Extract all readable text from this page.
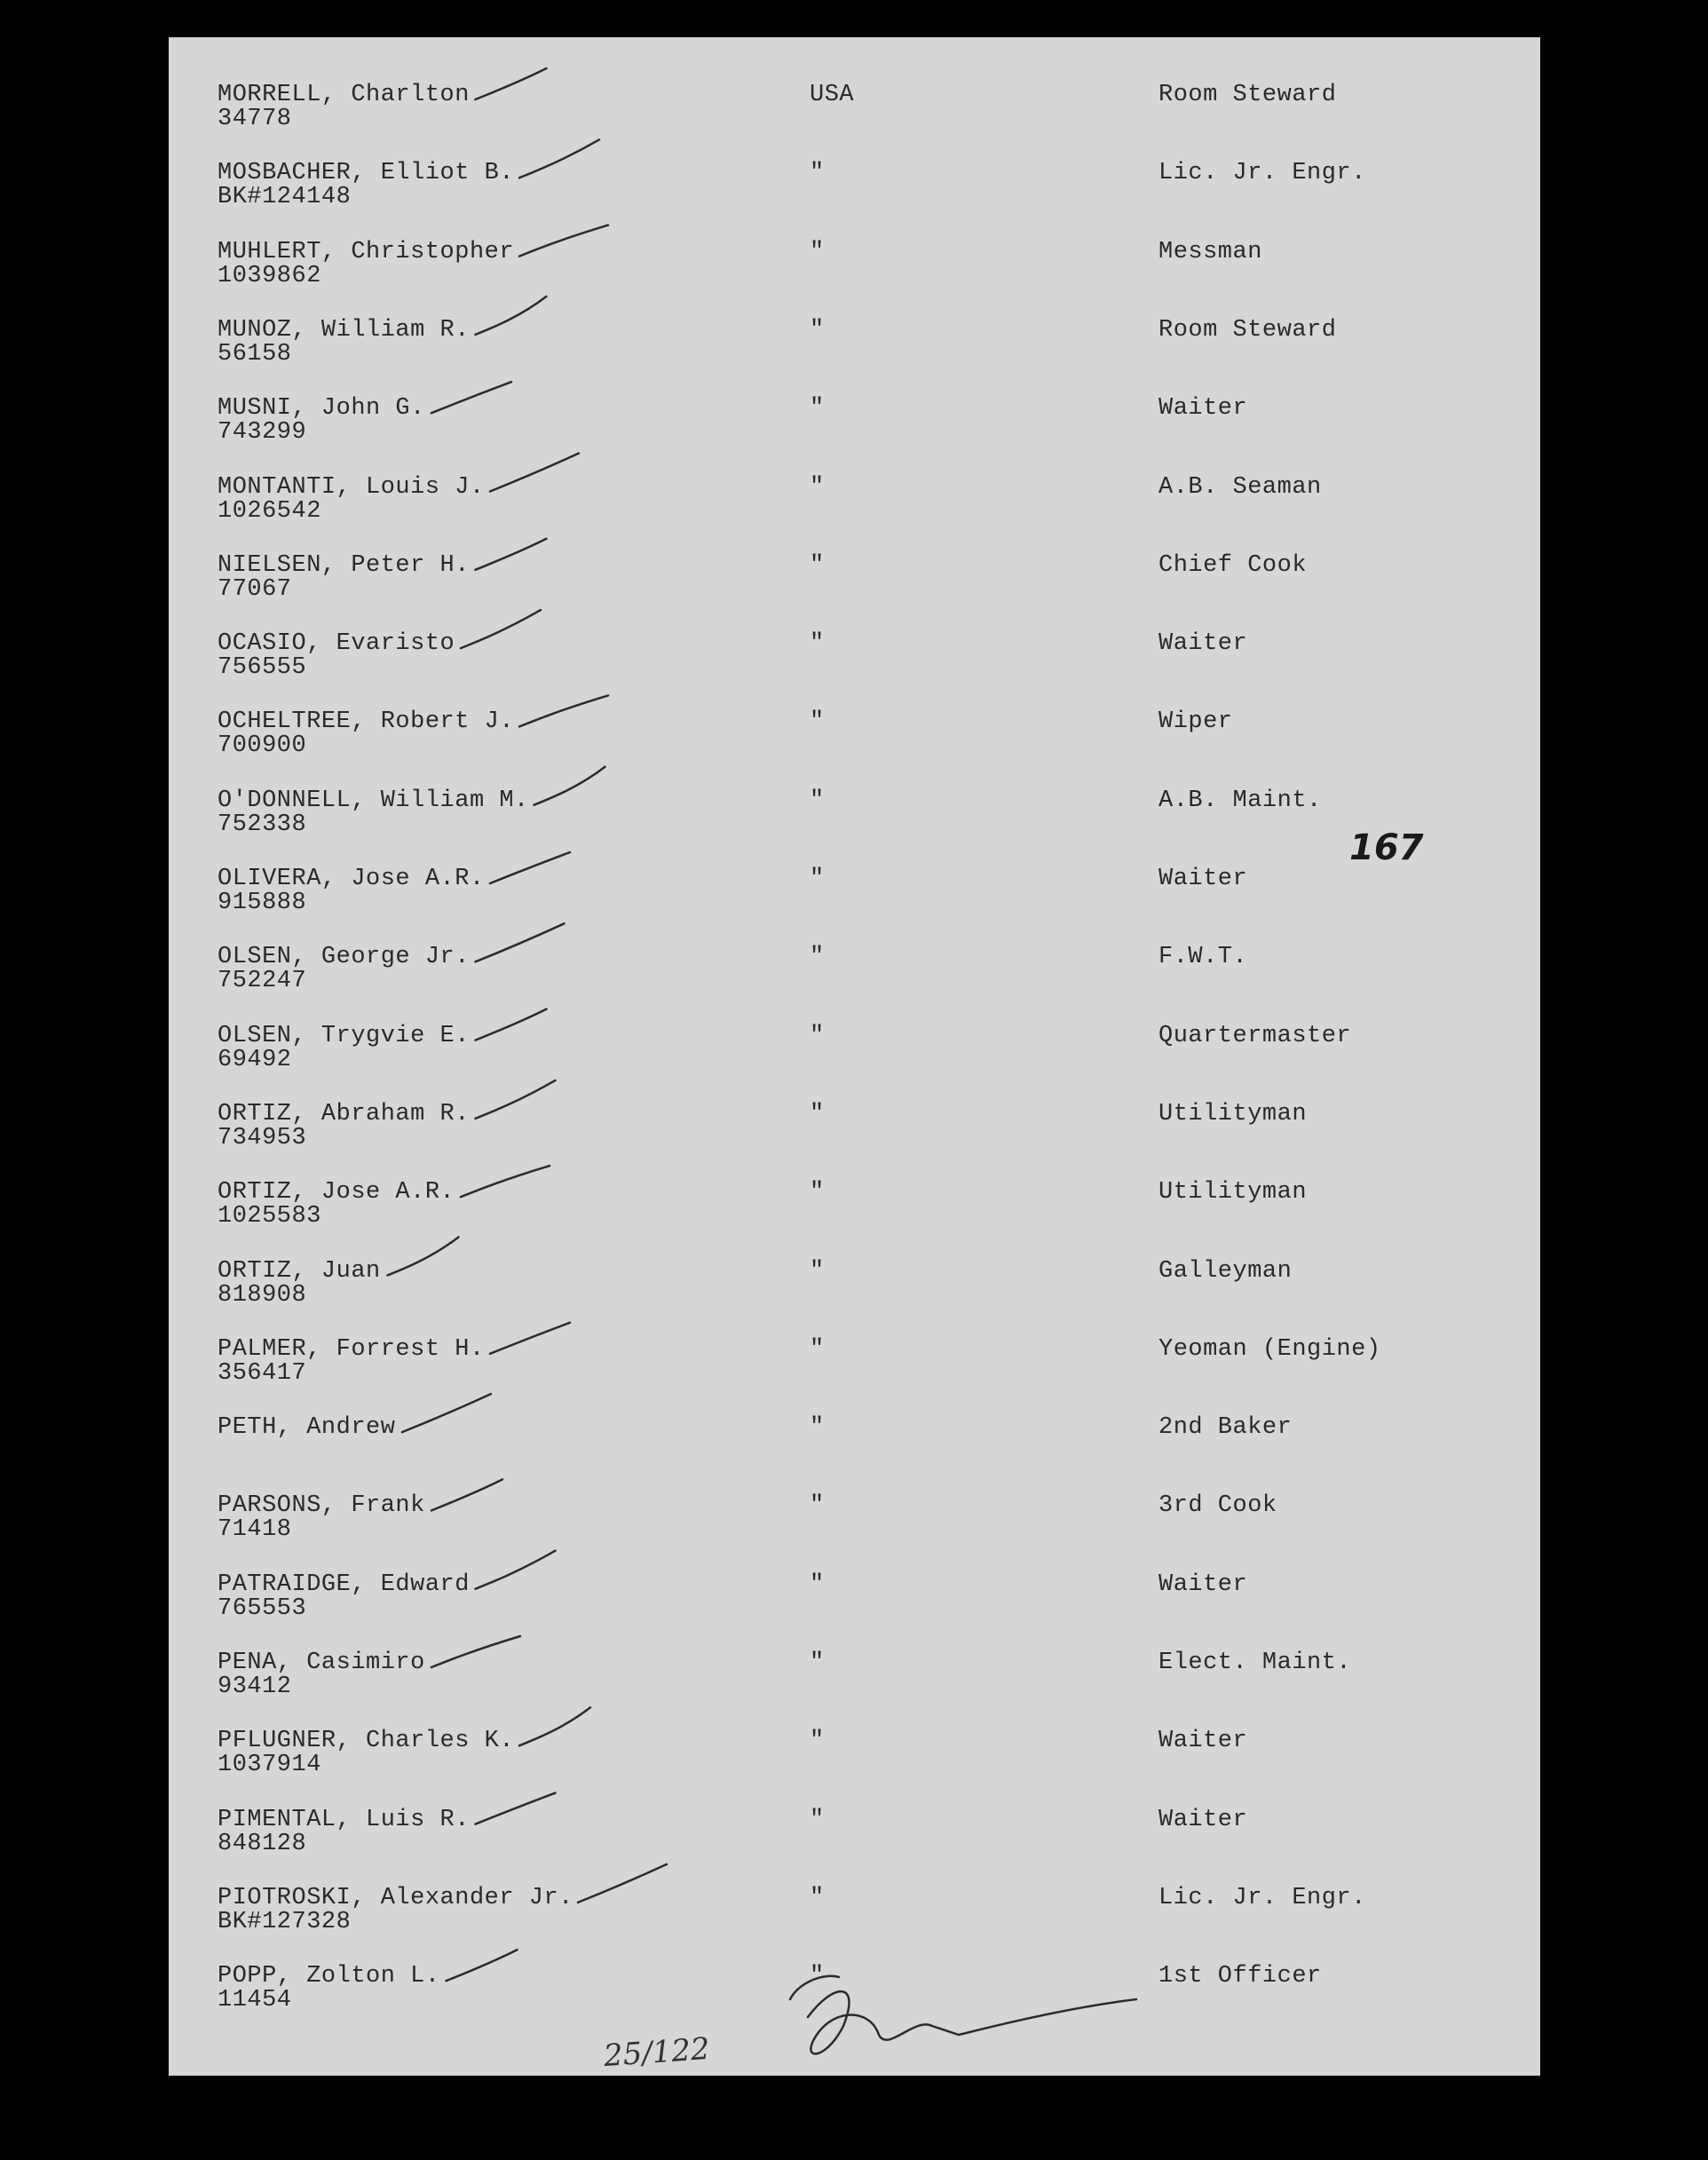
MORRELL, Charlton
34778
USA	Room Steward
MOSBACHER, Elliot B.
BK#124148
"	Lic. Jr. Engr.
MUHLERT, Christopher
1039862
"	Messman
MUNOZ, William R.
56158
"	Room Steward
MUSNI, John G.
743299
"	Waiter
MONTANTI, Louis J.
1026542
"	A.B. Seaman
NIELSEN, Peter H.
77067
"	Chief Cook
OCASIO, Evaristo
756555
"	Waiter
OCHELTREE, Robert J.
700900
"	Wiper
O'DONNELL, William M.
752338
"	A.B. Maint.
OLIVERA, Jose A.R.
915888
"	Waiter
OLSEN, George Jr.
752247
"	F.W.T.
OLSEN, Trygvie E.
69492
"	Quartermaster
ORTIZ, Abraham R.
734953
"	Utilityman
ORTIZ, Jose A.R.
1025583
"	Utilityman
ORTIZ, Juan
818908
"	Galleyman
PALMER, Forrest H.
356417
"	Yeoman (Engine)
PETH, Andrew	"	2nd Baker
PARSONS, Frank
71418
"	3rd Cook
PATRAIDGE, Edward
765553
"	Waiter
PENA, Casimiro
93412
"	Elect. Maint.
PFLUGNER, Charles K.
1037914
"	Waiter
PIMENTAL, Luis R.
848128
"	Waiter
PIOTROSKI, Alexander Jr.
BK#127328
"	Lic. Jr. Engr.
POPP, Zolton L.
11454
"	1st Officer
167
25/122
